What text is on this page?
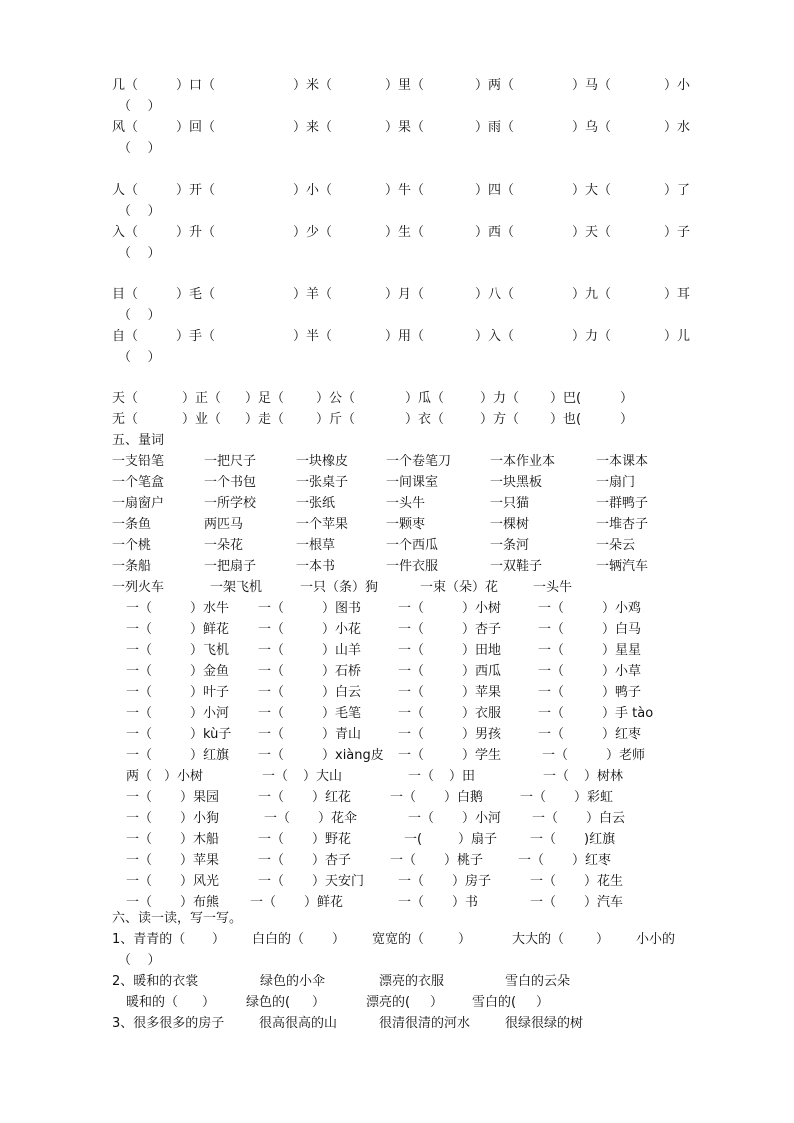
几（	）口（	）米（	）里（	）两（	）马（	）小
（    ）
风（	）回（	）来（	）果（	）雨（	）乌（	）水
（    ）
人（	）开（	）小（	）牛（	）四（	）大（	）了
（    ）
入（	）升（	）少（	）生（	）西（	）天（	）子
（    ）
目（	）毛（	）羊（	）月（	）八（	）九（	）耳
（    ）
自（	）手（	）半（	）用（	）入（	）力（	）儿
（    ）
天（	）正（ ）足（ ）公（	）瓜（	）力（ ）巴(	）
无（	）业（ ）走（ ）斤（	）衣（	）方（ ）也(	）
五、量词
一支铅笔	一把尺子	一块橡皮	一个卷笔刀	一本作业本	一本课本
一个笔盒	一个书包	一张桌子	一间课室	一块黑板	一扇门
一扇窗户	一所学校	一张纸	一头牛	一只猫	一群鸭子
一条鱼	两匹马	一个苹果	一颗枣	一棵树	一堆杏子
一个桃	一朵花	一根草	一个西瓜	一条河	一朵云
一条船	一把扇子	一本书	一件衣服	一双鞋子	一辆汽车
一列火车	一架飞机	一只（条）狗	一束（朵）花	一头牛
一（	）水牛 一（	）图书	一（	）小树	一（	）小鸡
一（	）鲜花 一（	）小花	一（	）杏子	一（	）白马
一（	）飞机 一（	）山羊	一（	）田地	一（	）星星
一（	）金鱼 一（	）石桥	一（	）西瓜	一（	）小草
一（	）叶子 一（	）白云	一（	）苹果	一（	）鸭子
一（	）小河 一（	）毛笔	一（	）衣服	一（	）手 tào
一（	）kù子 一（	）青山	一（	）男孩	一（	）红枣
一（	）红旗 一（	）xiàng皮 一（	）学生	一（	）老师
两（ ）小树	一（ ）大山	一（ ）田	一（ ）树林
一（ ）果园	一（ ）红花	一（ ）白鹅	一（ ）彩虹
一（ ）小狗	一（ ）花伞	一（ ）小河 一（ ）白云
一（ ）木船	一（ ）野花	一(	）扇子	一（ )红旗
一（ ）苹果	一（ ）杏子	一（ ）桃子	一（ ）红枣
一（ ）风光	一（ ）天安门	一（ ）房子	一（ ）花生
一（ ）布熊 一（ ）鲜花	一（ ）书	一（ ）汽车
六、读一读，写一写。
1、青青的（ ） 白白的（ ） 宽宽的（	）	大大的（ ） 小小的
（    ）
2、暖和的衣裳	绿色的小伞	漂亮的衣服	雪白的云朵
暖和的（ ） 绿色的( ）	漂亮的( ） 雪白的( ）
3、很多很多的房子	很高很高的山	很清很清的河水	很绿很绿的树
